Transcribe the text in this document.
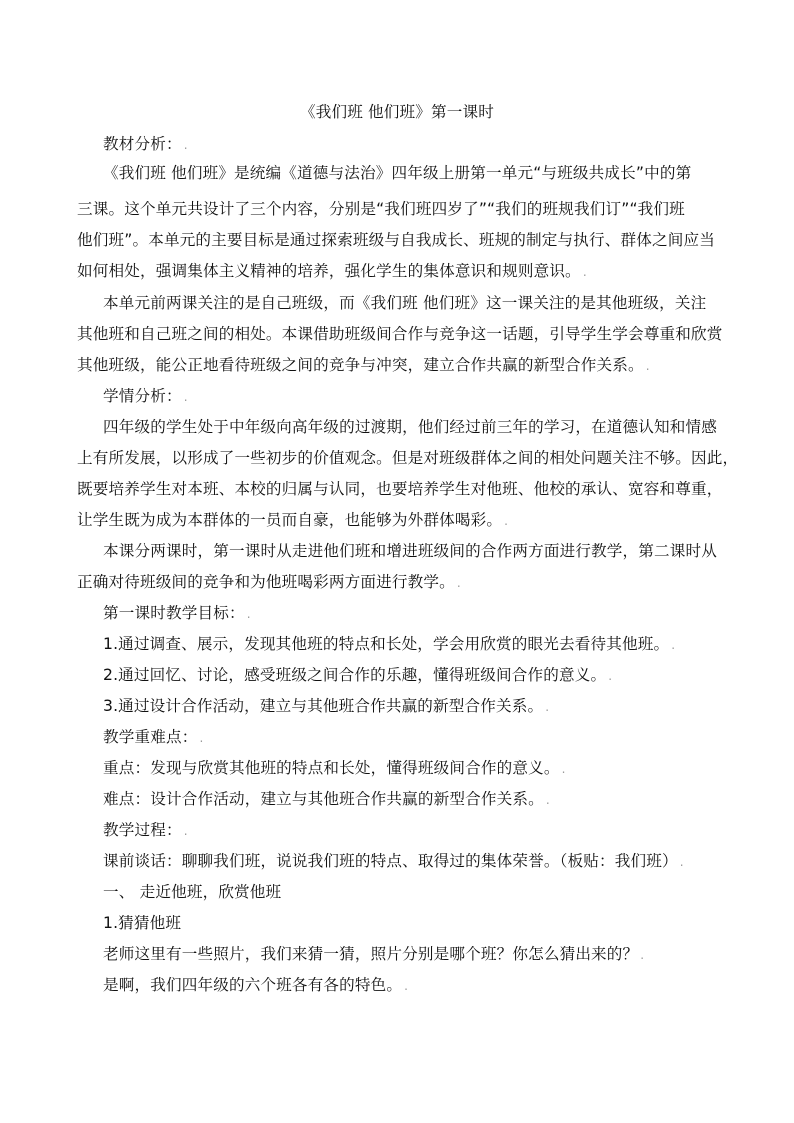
《我们班 他们班》第一课时
教材分析： .
《我们班 他们班》是统编《道德与法治》四年级上册第一单元“与班级共成长”中的第
三课。这个单元共设计了三个内容，分别是“我们班四岁了”“我们的班规我们订”“我们班
他们班”。本单元的主要目标是通过探索班级与自我成长、班规的制定与执行、群体之间应当
如何相处，强调集体主义精神的培养，强化学生的集体意识和规则意识。 .
本单元前两课关注的是自己班级，而《我们班 他们班》这一课关注的是其他班级，关注
其他班和自己班之间的相处。本课借助班级间合作与竞争这一话题，引导学生学会尊重和欣赏
其他班级，能公正地看待班级之间的竞争与冲突，建立合作共赢的新型合作关系。 .
学情分析： .
四年级的学生处于中年级向高年级的过渡期，他们经过前三年的学习，在道德认知和情感
上有所发展，以形成了一些初步的价值观念。但是对班级群体之间的相处问题关注不够。因此，
既要培养学生对本班、本校的归属与认同，也要培养学生对他班、他校的承认、宽容和尊重，
让学生既为成为本群体的一员而自豪，也能够为外群体喝彩。 .
本课分两课时，第一课时从走进他们班和增进班级间的合作两方面进行教学，第二课时从
正确对待班级间的竞争和为他班喝彩两方面进行教学。 .
第一课时教学目标： .
1.通过调查、展示，发现其他班的特点和长处，学会用欣赏的眼光去看待其他班。 .
2.通过回忆、讨论，感受班级之间合作的乐趣，懂得班级间合作的意义。 .
3.通过设计合作活动，建立与其他班合作共赢的新型合作关系。 .
教学重难点： .
重点：发现与欣赏其他班的特点和长处，懂得班级间合作的意义。 .
难点：设计合作活动，建立与其他班合作共赢的新型合作关系。 .
教学过程： .
课前谈话：聊聊我们班，说说我们班的特点、取得过的集体荣誉。（板贴：我们班） .
一、 走近他班，欣赏他班
1.猜猜他班
老师这里有一些照片，我们来猜一猜，照片分别是哪个班？你怎么猜出来的？ .
是啊，我们四年级的六个班各有各的特色。 .
